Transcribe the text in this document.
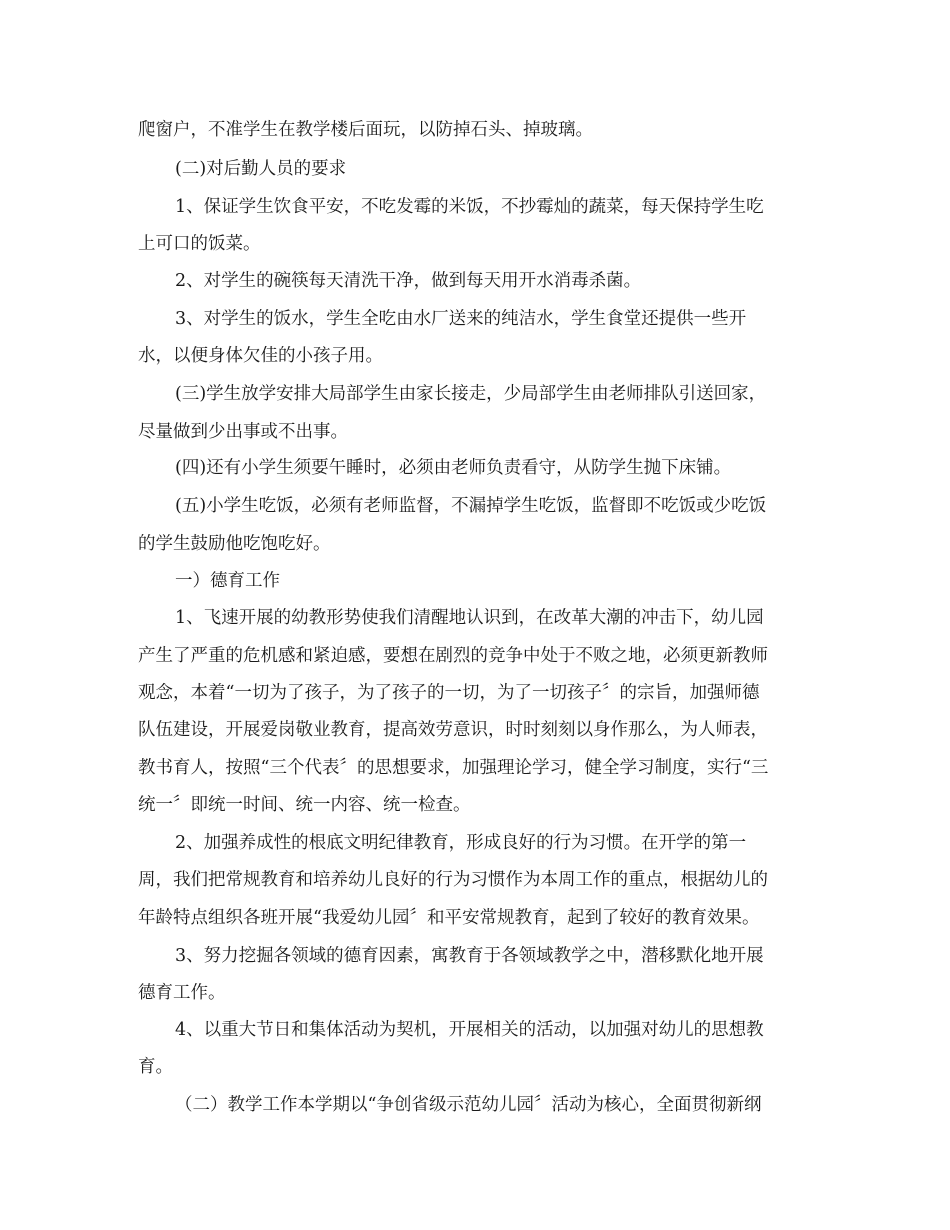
爬窗户，不准学生在教学楼后面玩，以防掉石头、掉玻璃。
(二)对后勤人员的要求
1、保证学生饮食平安，不吃发霉的米饭，不抄霉灿的蔬菜，每天保持学生吃
上可口的饭菜。
2、对学生的碗筷每天清洗干净，做到每天用开水消毒杀菌。
3、对学生的饭水，学生全吃由水厂送来的纯洁水，学生食堂还提供一些开
水，以便身体欠佳的小孩子用。
(三)学生放学安排大局部学生由家长接走，少局部学生由老师排队引送回家，
尽量做到少出事或不出事。
(四)还有小学生须要午睡时，必须由老师负责看守，从防学生抛下床铺。
(五)小学生吃饭，必须有老师监督，不漏掉学生吃饭，监督即不吃饭或少吃饭
的学生鼓励他吃饱吃好。
一）德育工作
1、飞速开展的幼教形势使我们清醒地认识到，在改革大潮的冲击下，幼儿园
产生了严重的危机感和紧迫感，要想在剧烈的竞争中处于不败之地，必须更新教师
观念，本着“一切为了孩子，为了孩子的一切，为了一切孩子〞的宗旨，加强师德
队伍建设，开展爱岗敬业教育，提高效劳意识，时时刻刻以身作那么，为人师表，
教书育人，按照“三个代表〞的思想要求，加强理论学习，健全学习制度，实行“三
统一〞即统一时间、统一内容、统一检查。
2、加强养成性的根底文明纪律教育，形成良好的行为习惯。在开学的第一
周，我们把常规教育和培养幼儿良好的行为习惯作为本周工作的重点，根据幼儿的
年龄特点组织各班开展“我爱幼儿园〞和平安常规教育，起到了较好的教育效果。
3、努力挖掘各领域的德育因素，寓教育于各领域教学之中，潜移默化地开展
德育工作。
4、以重大节日和集体活动为契机，开展相关的活动，以加强对幼儿的思想教
育。
（二）教学工作本学期以“争创省级示范幼儿园〞活动为核心，全面贯彻新纲
